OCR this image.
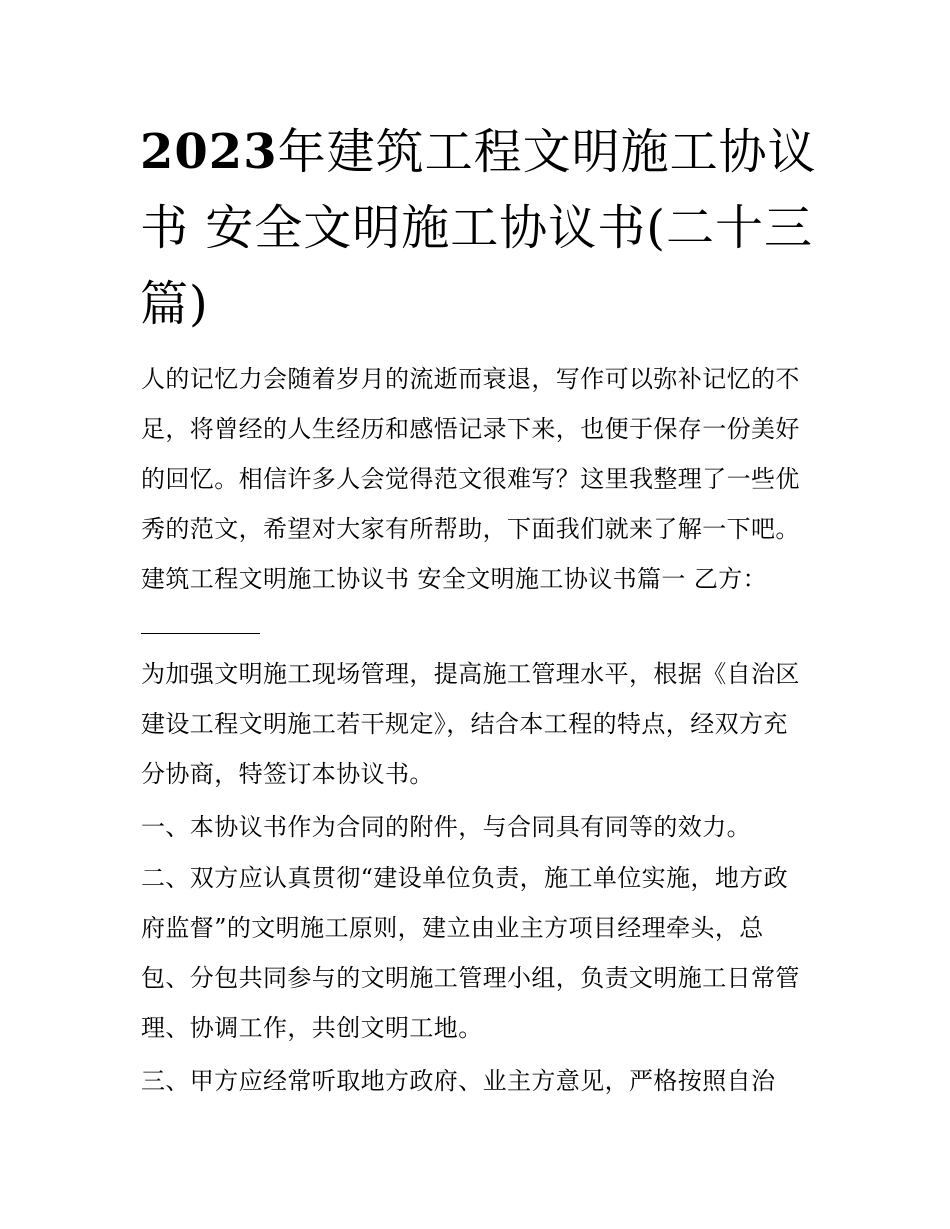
2023年建筑工程文明施工协议书 安全文明施工协议书(二十三篇)

人的记忆力会随着岁月的流逝而衰退，写作可以弥补记忆的不

足，将曾经的人生经历和感悟记录下来，也便于保存一份美好

的回忆。相信许多人会觉得范文很难写？这里我整理了一些优

秀的范文，希望对大家有所帮助，下面我们就来了解一下吧。

建筑工程文明施工协议书 安全文明施工协议书篇一 乙方：

为加强文明施工现场管理，提高施工管理水平，根据《自治区

建设工程文明施工若干规定》，结合本工程的特点，经双方充

分协商，特签订本协议书。

一、本协议书作为合同的附件，与合同具有同等的效力。

二、双方应认真贯彻“建设单位负责，施工单位实施，地方政

府监督”的文明施工原则，建立由业主方项目经理牵头，总

包、分包共同参与的文明施工管理小组，负责文明施工日常管

理、协调工作，共创文明工地。

三、甲方应经常听取地方政府、业主方意见，严格按照自治
